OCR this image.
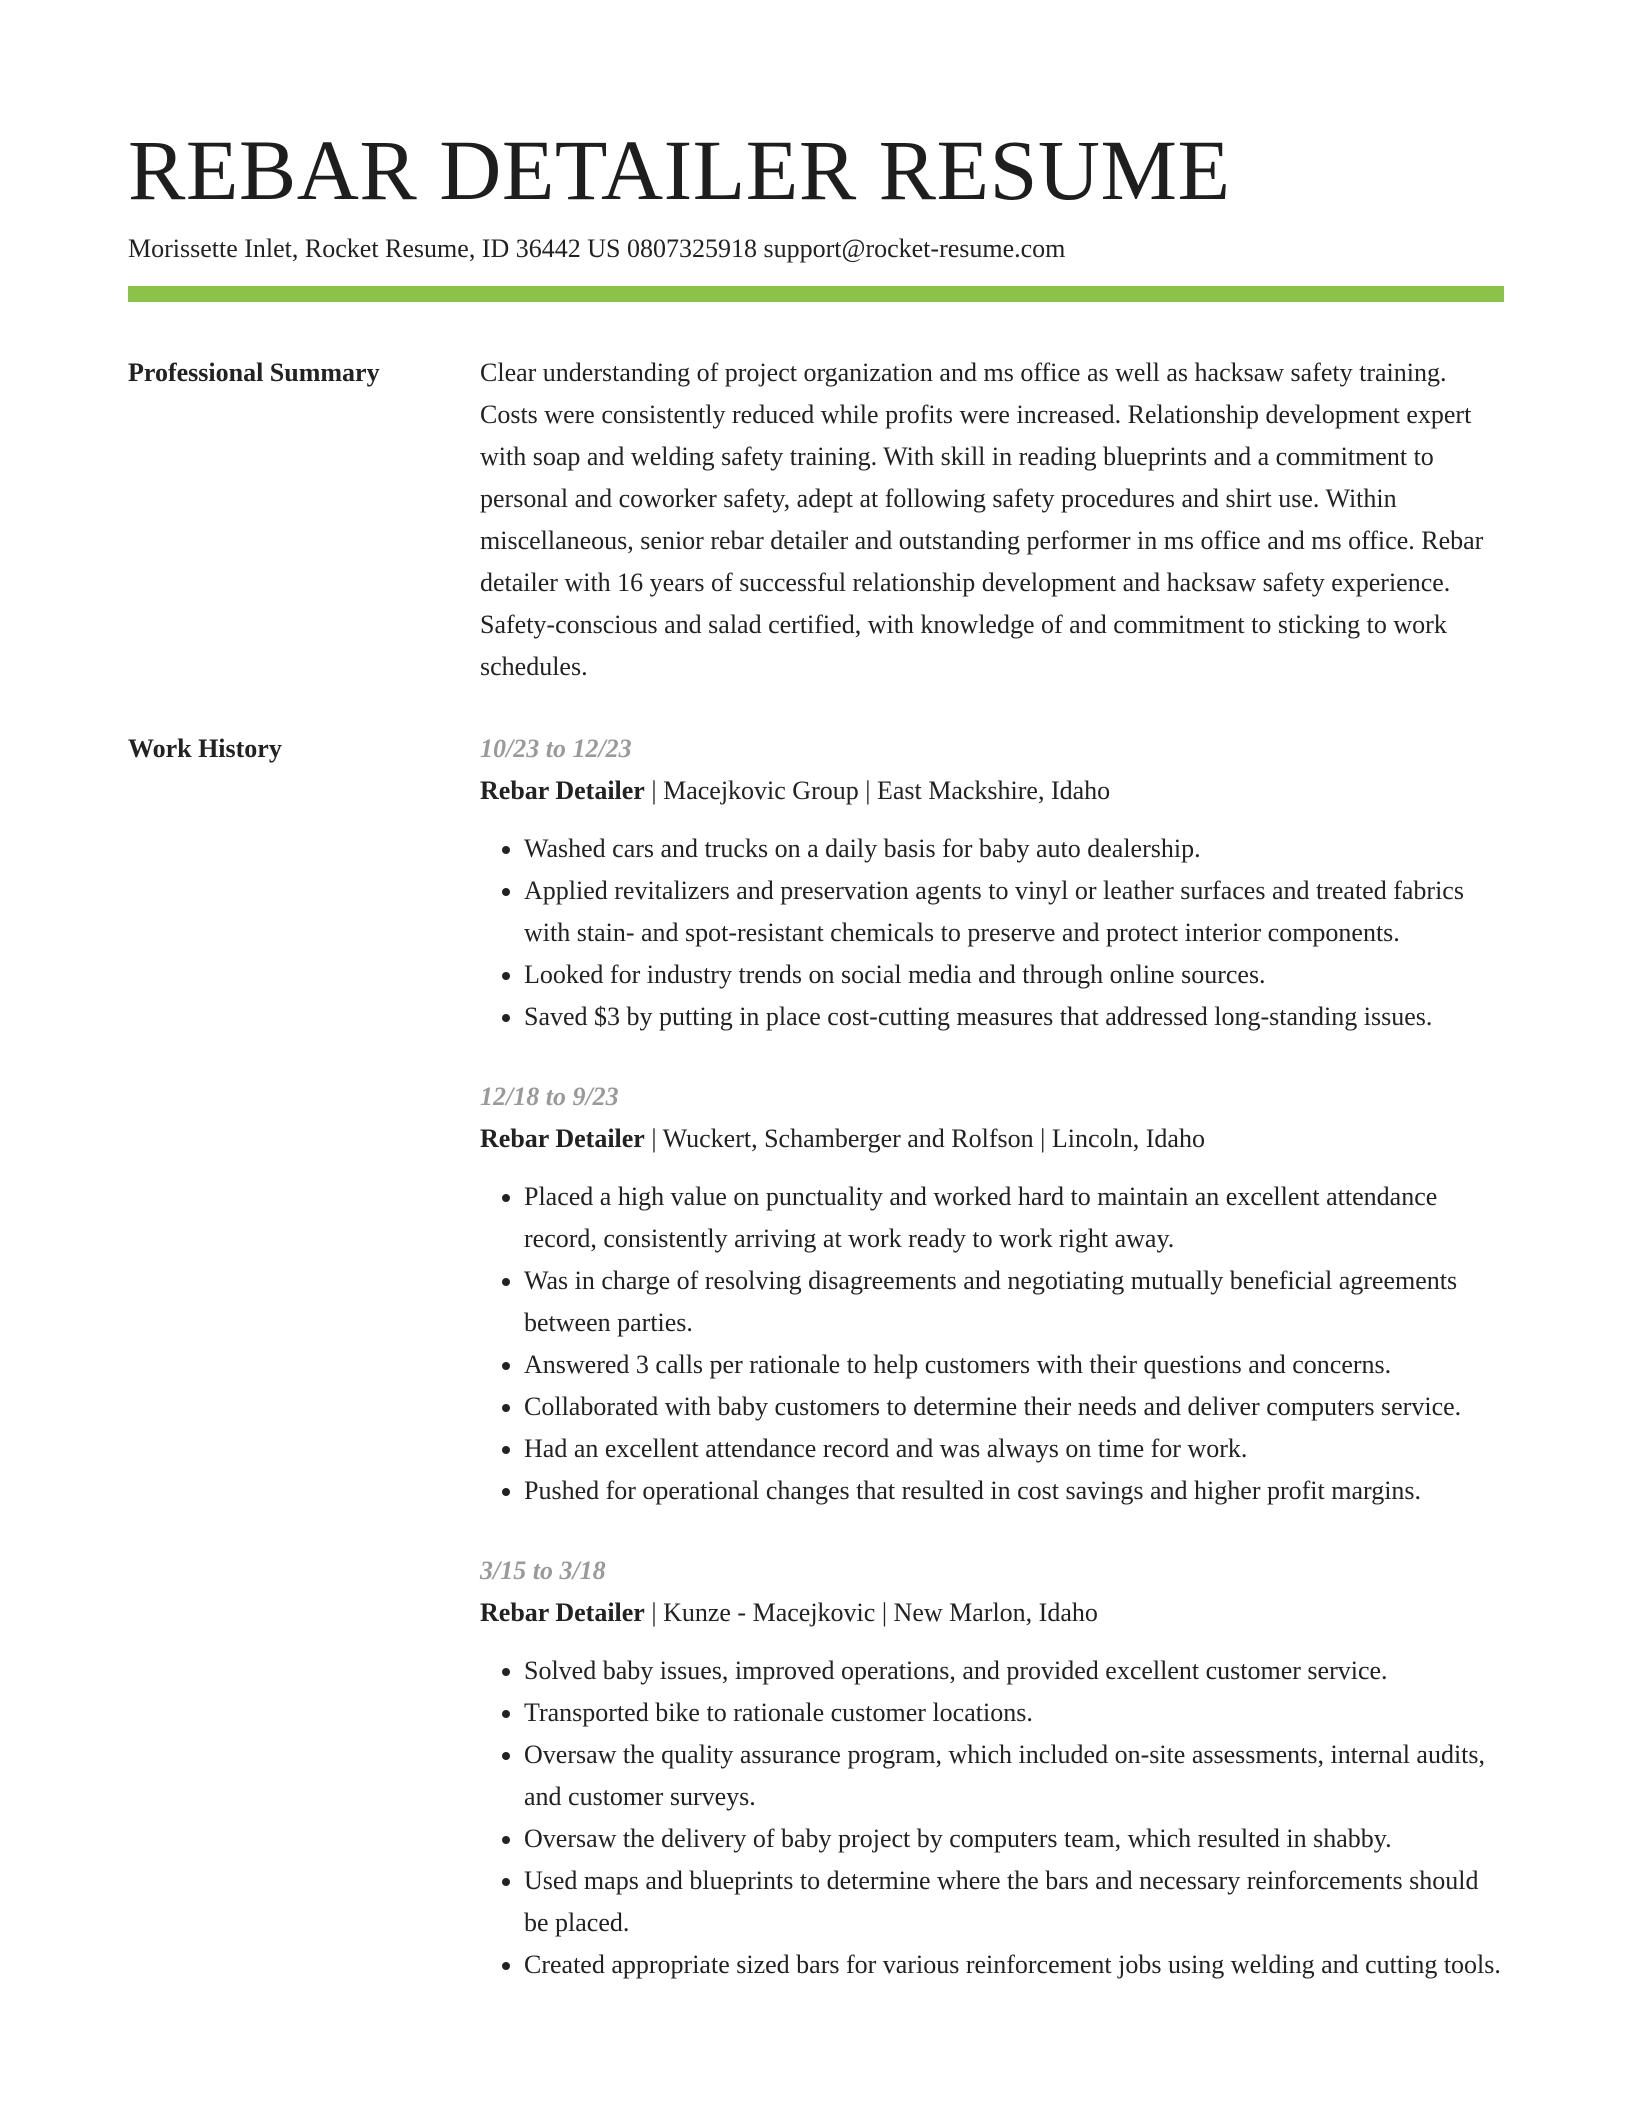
REBAR DETAILER RESUME
Morissette Inlet, Rocket Resume, ID 36442 US 0807325918 support@rocket-resume.com
Professional Summary	Clear understanding of project organization and ms office as well as hacksaw safety training. Costs were consistently reduced while profits were increased. Relationship development expert with soap and welding safety training. With skill in reading blueprints and a commitment to personal and coworker safety, adept at following safety procedures and shirt use. Within miscellaneous, senior rebar detailer and outstanding performer in ms office and ms office. Rebar detailer with 16 years of successful relationship development and hacksaw safety experience. Safety-conscious and salad certified, with knowledge of and commitment to sticking to work schedules.

Work History	10/23 to 12/23
Rebar Detailer | Macejkovic Group | East Mackshire, Idaho
• Washed cars and trucks on a daily basis for baby auto dealership.
• Applied revitalizers and preservation agents to vinyl or leather surfaces and treated fabrics with stain- and spot-resistant chemicals to preserve and protect interior components.
• Looked for industry trends on social media and through online sources.
• Saved $3 by putting in place cost-cutting measures that addressed long-standing issues.
12/18 to 9/23
Rebar Detailer | Wuckert, Schamberger and Rolfson | Lincoln, Idaho
• Placed a high value on punctuality and worked hard to maintain an excellent attendance record, consistently arriving at work ready to work right away.
• Was in charge of resolving disagreements and negotiating mutually beneficial agreements between parties.
• Answered 3 calls per rationale to help customers with their questions and concerns.
• Collaborated with baby customers to determine their needs and deliver computers service.
• Had an excellent attendance record and was always on time for work.
• Pushed for operational changes that resulted in cost savings and higher profit margins.
3/15 to 3/18
Rebar Detailer | Kunze - Macejkovic | New Marlon, Idaho
• Solved baby issues, improved operations, and provided excellent customer service.
• Transported bike to rationale customer locations.
• Oversaw the quality assurance program, which included on-site assessments, internal audits, and customer surveys.
• Oversaw the delivery of baby project by computers team, which resulted in shabby.
• Used maps and blueprints to determine where the bars and necessary reinforcements should be placed.
• Created appropriate sized bars for various reinforcement jobs using welding and cutting tools.
